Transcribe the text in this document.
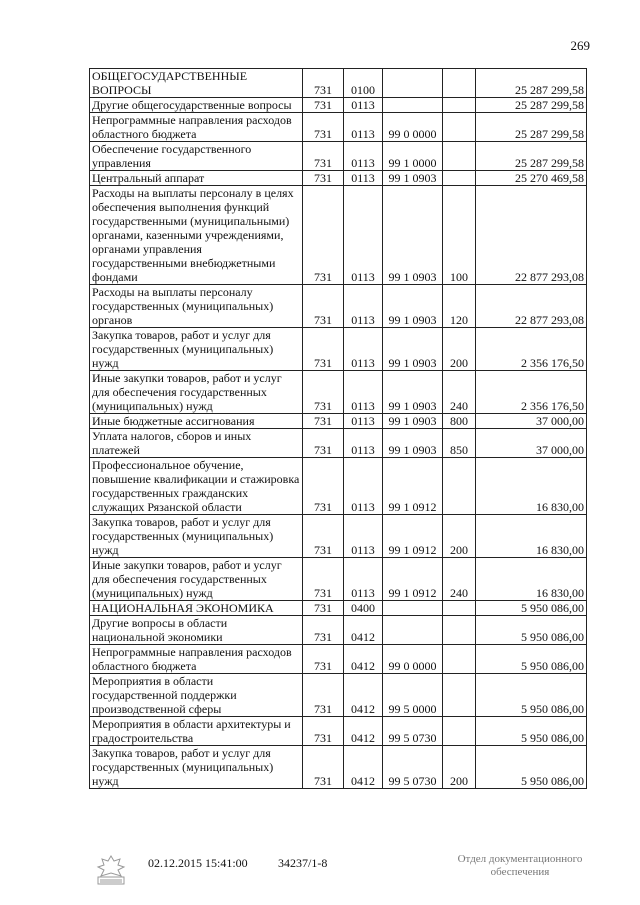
269
ОБЩЕГОСУДАРСТВЕННЫЕ ВОПРОСЫ	731	0100			25 287 299,58
Другие общегосударственные вопросы	731	0113			25 287 299,58
Непрограммные направления расходов областного бюджета	731	0113	99 0 0000		25 287 299,58
Обеспечение государственного управления	731	0113	99 1 0000		25 287 299,58
Центральный аппарат	731	0113	99 1 0903		25 270 469,58
Расходы на выплаты персоналу в целях обеспечения выполнения функций государственными (муниципальными) органами, казенными учреждениями, органами управления государственными внебюджетными фондами	731	0113	99 1 0903	100	22 877 293,08
Расходы на выплаты персоналу государственных (муниципальных) органов	731	0113	99 1 0903	120	22 877 293,08
Закупка товаров, работ и услуг для государственных (муниципальных) нужд	731	0113	99 1 0903	200	2 356 176,50
Иные закупки товаров, работ и услуг для обеспечения государственных (муниципальных) нужд	731	0113	99 1 0903	240	2 356 176,50
Иные бюджетные ассигнования	731	0113	99 1 0903	800	37 000,00
Уплата налогов, сборов и иных платежей	731	0113	99 1 0903	850	37 000,00
Профессиональное обучение, повышение квалификации и стажировка государственных гражданских служащих Рязанской области	731	0113	99 1 0912		16 830,00
Закупка товаров, работ и услуг для государственных (муниципальных) нужд	731	0113	99 1 0912	200	16 830,00
Иные закупки товаров, работ и услуг для обеспечения государственных (муниципальных) нужд	731	0113	99 1 0912	240	16 830,00
НАЦИОНАЛЬНАЯ ЭКОНОМИКА	731	0400			5 950 086,00
Другие вопросы в области национальной экономики	731	0412			5 950 086,00
Непрограммные направления расходов областного бюджета	731	0412	99 0 0000		5 950 086,00
Мероприятия в области государственной поддержки производственной сферы	731	0412	99 5 0000		5 950 086,00
Мероприятия в области архитектуры и градостроительства	731	0412	99 5 0730		5 950 086,00
Закупка товаров, работ и услуг для государственных (муниципальных) нужд	731	0412	99 5 0730	200	5 950 086,00
02.12.2015 15:41:00	34237/1-8	Отдел документационного
обеспечения
